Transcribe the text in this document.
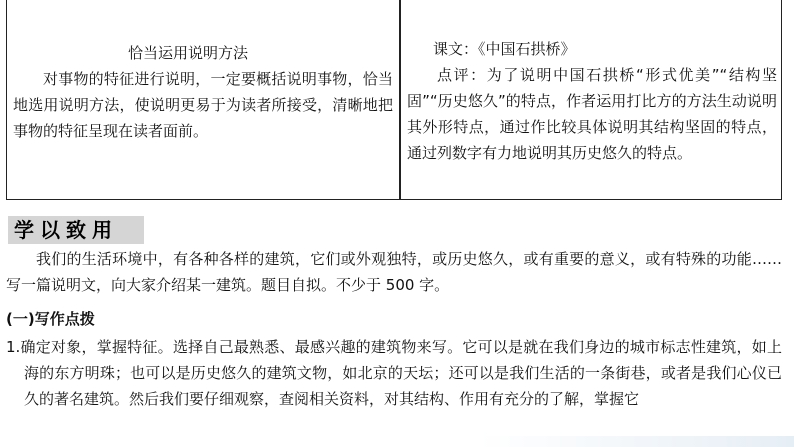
恰当运用说明方法

对事物的特征进行说明，一定要概括说明事物，恰当地选用说明方法，使说明更易于为读者所接受，清晰地把事物的特征呈现在读者面前。

课文：《中国石拱桥》

点评：为了说明中国石拱桥“形式优美”“结构坚固”“历史悠久”的特点，作者运用打比方的方法生动说明其外形特点，通过作比较具体说明其结构坚固的特点，通过列数字有力地说明其历史悠久的特点。

学以致用

我们的生活环境中，有各种各样的建筑，它们或外观独特，或历史悠久，或有重要的意义，或有特殊的功能……写一篇说明文，向大家介绍某一建筑。题目自拟。不少于 500 字。

(一)写作点拨

1.确定对象，掌握特征。选择自己最熟悉、最感兴趣的建筑物来写。它可以是就在我们身边的城市标志性建筑，如上海的东方明珠；也可以是历史悠久的建筑文物，如北京的天坛；还可以是我们生活的一条街巷，或者是我们心仪已久的著名建筑。然后我们要仔细观察，查阅相关资料，对其结构、作用有充分的了解，掌握它
